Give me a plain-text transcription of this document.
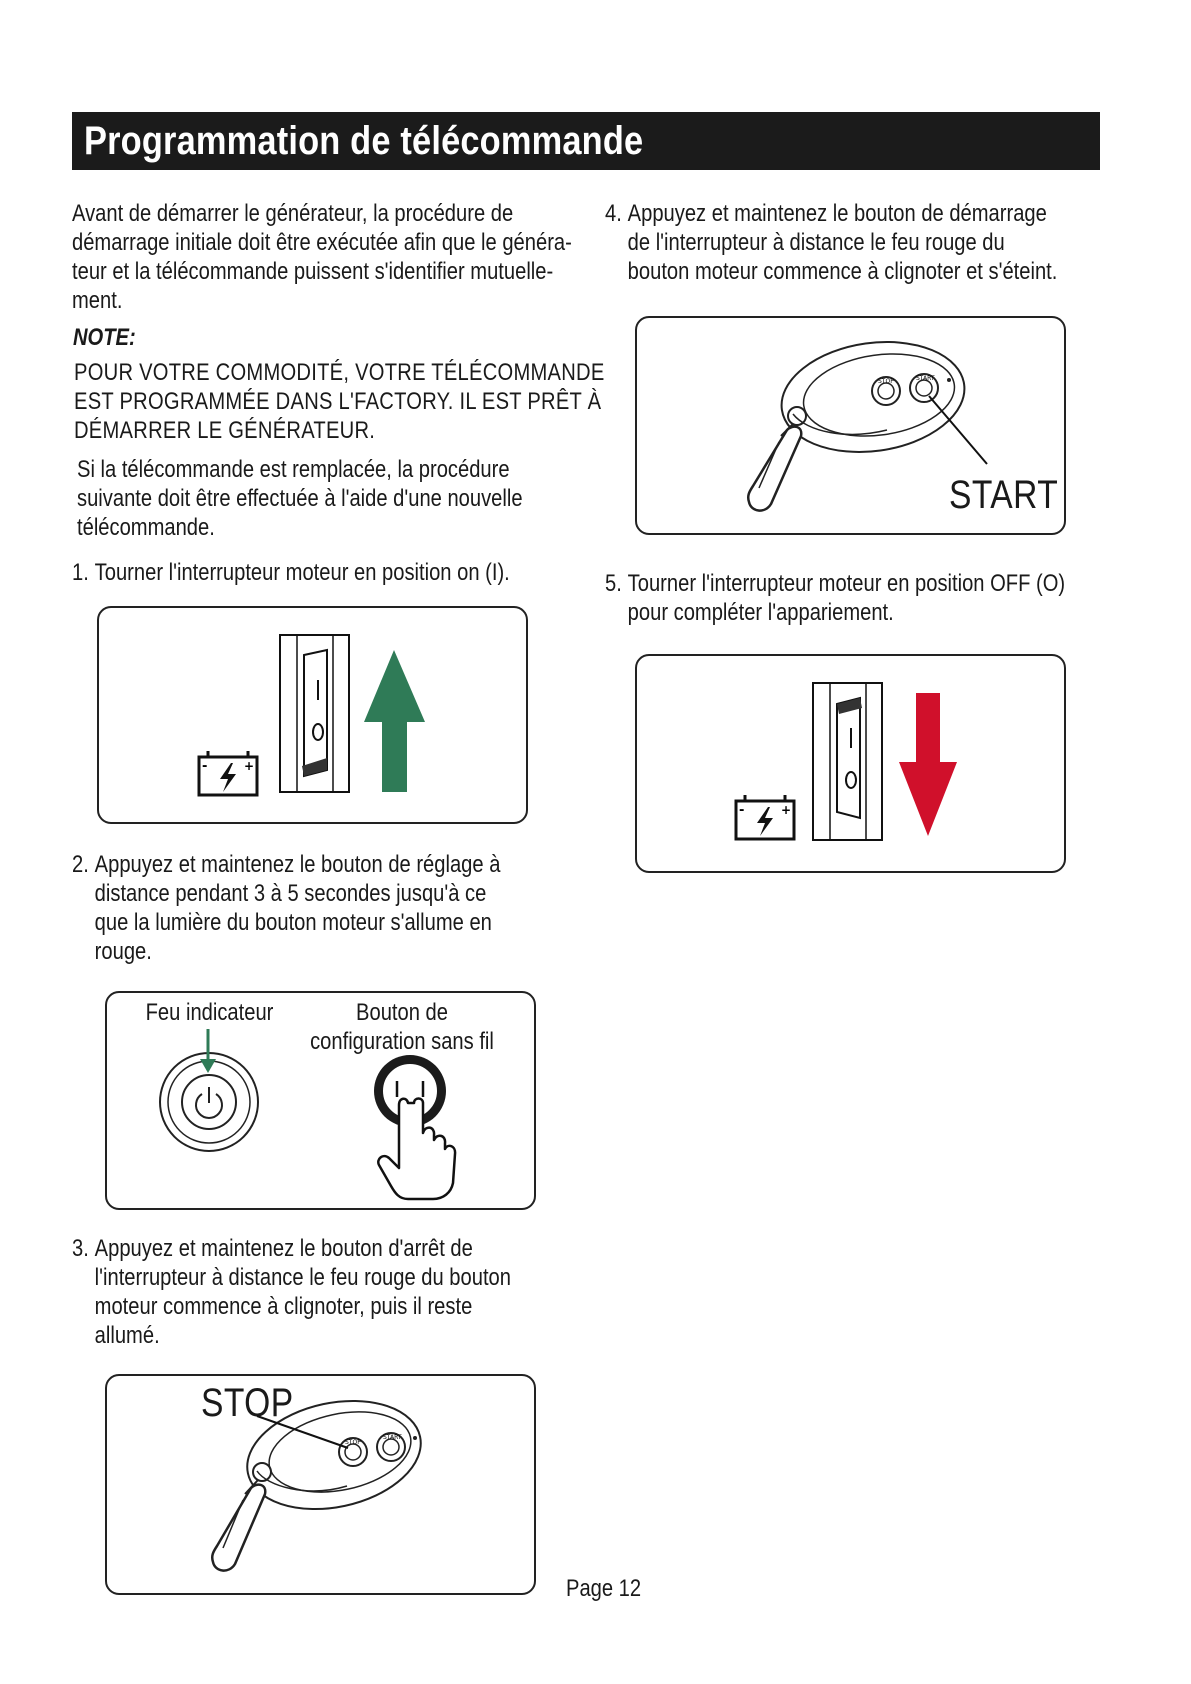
Programmation de télécommande
Avant de démarrer le générateur, la procédure de
démarrage initiale doit être exécutée afin que le généra-
teur et la télécommande puissent s'identifier mutuelle-
ment.
NOTE:
POUR VOTRE COMMODITÉ, VOTRE TÉLÉCOMMANDE
EST PROGRAMMÉE DANS L'FACTORY. IL EST PRÊT À
DÉMARRER LE GÉNÉRATEUR.
Si la télécommande est remplacée, la procédure
suivante doit être effectuée à l'aide d'une nouvelle
télécommande.
1. Tourner l'interrupteur moteur en position on (I).
-	+
2. Appuyez et maintenez le bouton de réglage à
distance pendant 3 à 5 secondes jusqu'à ce
que la lumière du bouton moteur s'allume en
rouge.
Feu indicateur	Bouton de
configuration sans fil
3. Appuyez et maintenez le bouton d'arrêt de
l'interrupteur à distance le feu rouge du bouton
moteur commence à clignoter, puis il reste
allumé.
STOP
STOP
START
4. Appuyez et maintenez le bouton de démarrage
de l'interrupteur à distance le feu rouge du
bouton moteur commence à clignoter et s'éteint.
START
STOP	START
5. Tourner l'interrupteur moteur en position OFF (O)
pour compléter l'appariement.
-	+
Page 12
